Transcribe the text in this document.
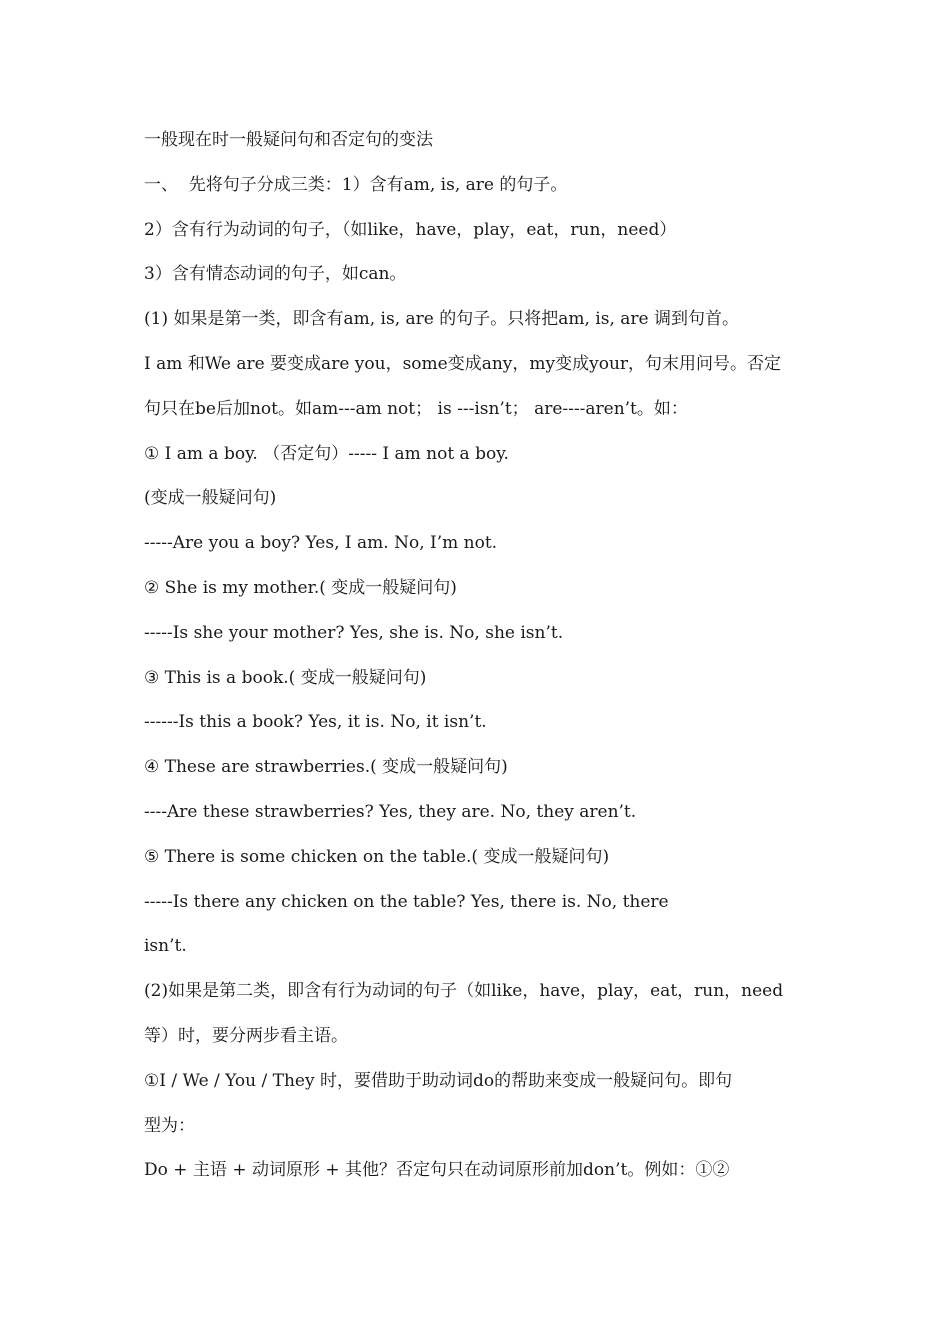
一般现在时一般疑问句和否定句的变法
一、  先将句子分成三类：1）含有am, is, are 的句子。
2）含有行为动词的句子，（如like，have，play，eat，run，need）
3）含有情态动词的句子，如can。
(1) 如果是第一类，即含有am, is, are 的句子。只将把am, is, are 调到句首。
I am 和We are 要变成are you，some变成any，my变成your，句末用问号。否定
句只在be后加not。如am---am not； is ---isn’t； are----aren’t。如：
① I am a boy. （否定句）----- I am not a boy.
(变成一般疑问句)
-----Are you a boy? Yes, I am. No, I’m not.
② She is my mother.( 变成一般疑问句)
-----Is she your mother? Yes, she is. No, she isn’t.
③ This is a book.( 变成一般疑问句)
------Is this a book? Yes, it is. No, it isn’t.
④ These are strawberries.( 变成一般疑问句)
----Are these strawberries? Yes, they are. No, they aren’t.
⑤ There is some chicken on the table.( 变成一般疑问句)
-----Is there any chicken on the table? Yes, there is. No, there
isn’t.
(2)如果是第二类，即含有行为动词的句子（如like，have，play，eat，run，need
等）时，要分两步看主语。
①I / We / You / They 时，要借助于助动词do的帮助来变成一般疑问句。即句
型为：
Do + 主语 + 动词原形 + 其他？否定句只在动词原形前加don’t。例如：①②
